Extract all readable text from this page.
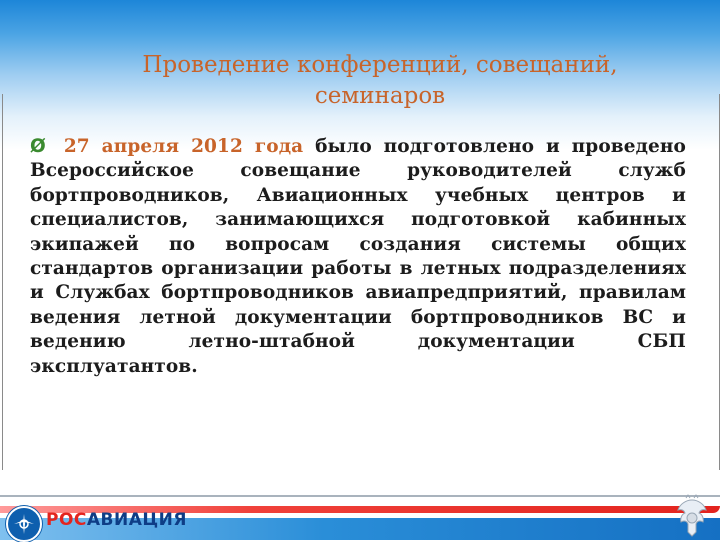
Проведение конференций, совещаний, семинаров
Ø 27 апреля 2012 года было подготовлено и проведено Всероссийское совещание руководителей служб бортпроводников, Авиационных учебных центров и специалистов, занимающихся подготовкой кабинных экипажей по вопросам создания системы общих стандартов организации работы в летных подразделениях и Службах бортпроводников авиапредприятий, правилам ведения летной документации бортпроводников ВС и ведению летно-штабной документации СБП эксплуатантов.
РОСАВИАЦИЯ
